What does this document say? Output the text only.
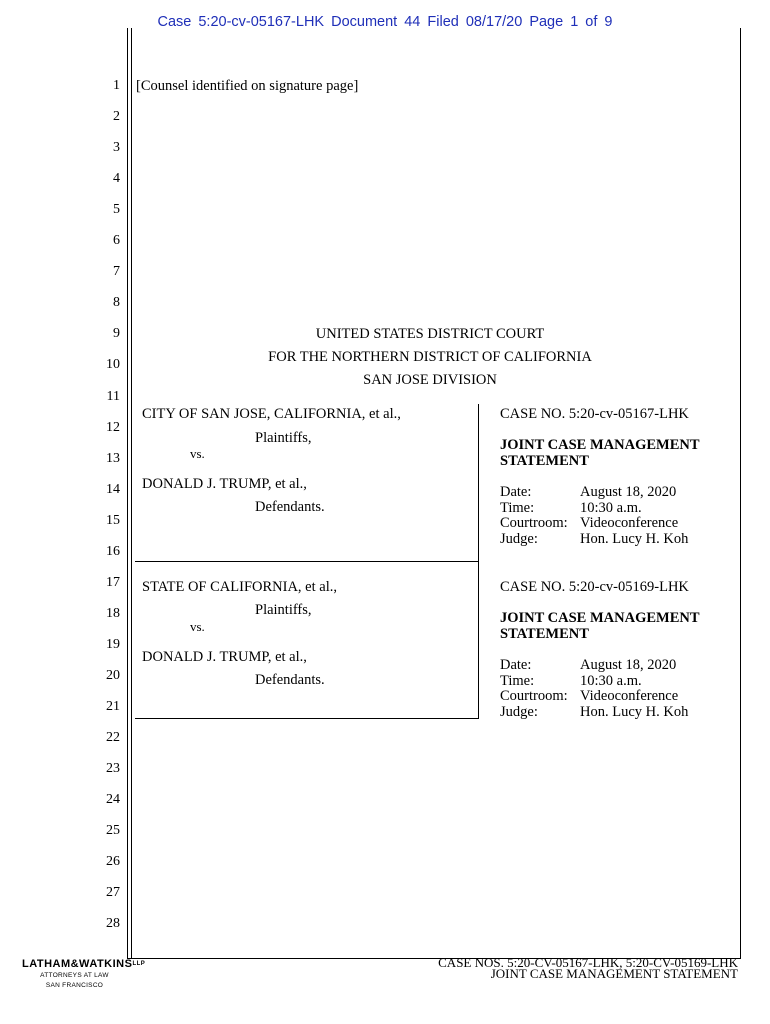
Case 5:20-cv-05167-LHK Document 44 Filed 08/17/20 Page 1 of 9
1
2
3
4
5
6
7
8
9
10
11
12
13
14
15
16
17
18
19
20
21
22
23
24
25
26
27
28
[Counsel identified on signature page]
UNITED STATES DISTRICT COURT
FOR THE NORTHERN DISTRICT OF CALIFORNIA
SAN JOSE DIVISION
CITY OF SAN JOSE, CALIFORNIA, et al.,
Plaintiffs,
vs.
DONALD J. TRUMP, et al.,
Defendants.
CASE NO. 5:20-cv-05167-LHK
JOINT CASE MANAGEMENT
STATEMENT
Date:	August 18, 2020
Time:	10:30 a.m.
Courtroom: Videoconference
Judge:	Hon. Lucy H. Koh
STATE OF CALIFORNIA, et al.,
Plaintiffs,
vs.
DONALD J. TRUMP, et al.,
Defendants.
CASE NO. 5:20-cv-05169-LHK
JOINT CASE MANAGEMENT
STATEMENT
Date:	August 18, 2020
Time:	10:30 a.m.
Courtroom: Videoconference
Judge:	Hon. Lucy H. Koh
$LATHAM\&WATKINS^{LLP}$
ATTORNEYS AT LAW
SAN FRANCISCO
CASE NOS. 5:20-CV-05167-LHK, 5:20-CV-05169-LHK
JOINT CASE MANAGEMENT STATEMENT
